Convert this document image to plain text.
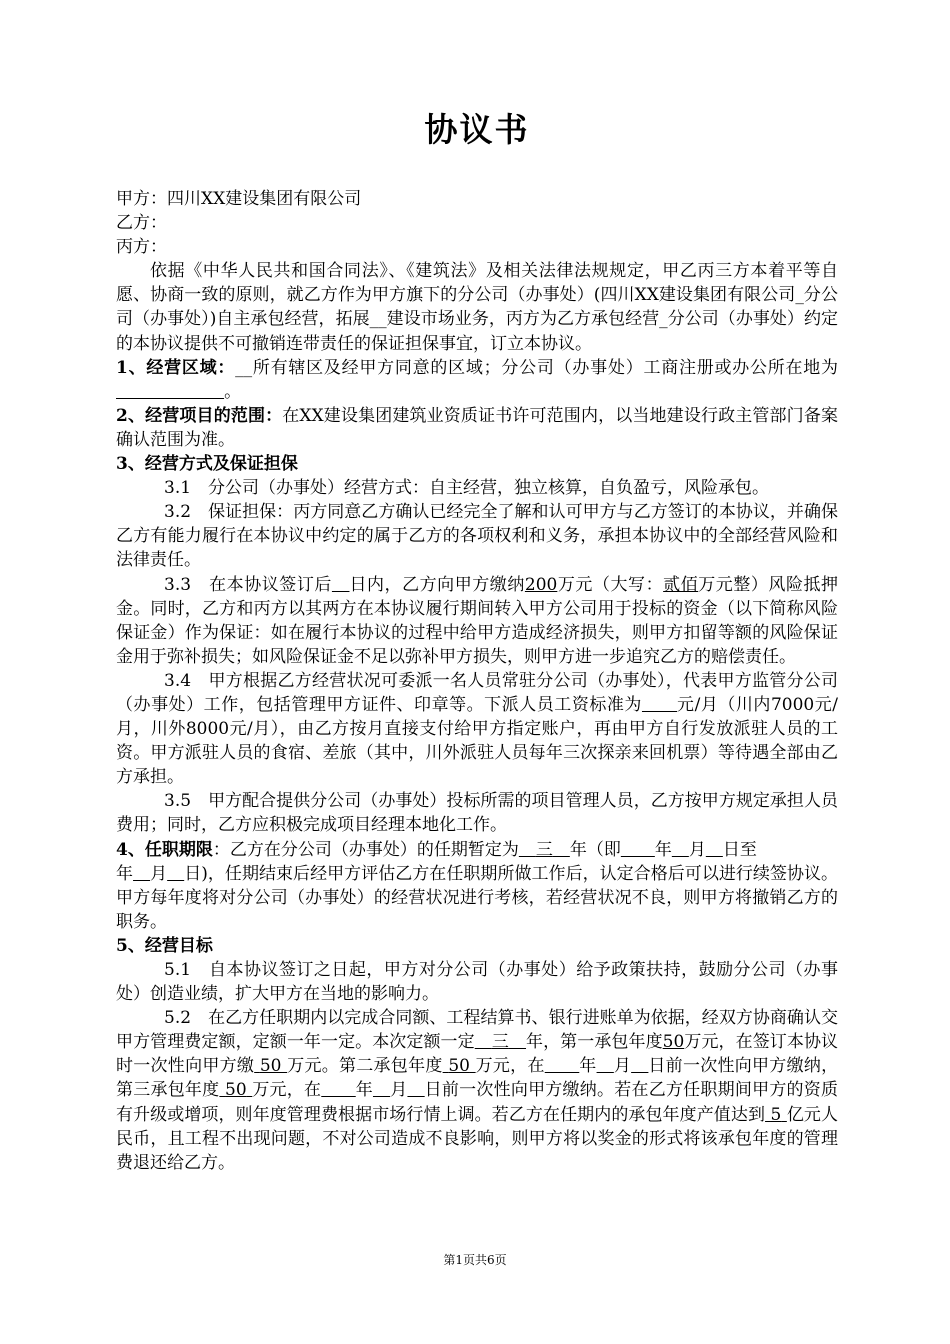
协议书

甲方：四川XX建设集团有限公司

乙方：

丙方：

依据《中华人民共和国合同法》、《建筑法》及相关法律法规规定，甲乙丙三方本着平等自愿、协商一致的原则，就乙方作为甲方旗下的分公司（办事处）(四川XX建设集团有限公司_分公司（办事处）)自主承包经营，拓展__建设市场业务，丙方为乙方承包经营_分公司（办事处）约定的本协议提供不可撤销连带责任的保证担保事宜，订立本协议。

1、经营区域：__所有辖区及经甲方同意的区域；分公司（办事处）工商注册或办公所在地为                    。

2、经营项目的范围：在XX建设集团建筑业资质证书许可范围内，以当地建设行政主管部门备案确认范围为准。

3、经营方式及保证担保

3.1　分公司（办事处）经营方式：自主经营，独立核算，自负盈亏，风险承包。

3.2　保证担保：丙方同意乙方确认已经完全了解和认可甲方与乙方签订的本协议，并确保乙方有能力履行在本协议中约定的属于乙方的各项权利和义务，承担本协议中的全部经营风险和法律责任。

3.3　在本协议签订后　 日内，乙方向甲方缴纳200万元（大写：贰佰万元整）风险抵押金。同时，乙方和丙方以其两方在本协议履行期间转入甲方公司用于投标的资金（以下简称风险保证金）作为保证：如在履行本协议的过程中给甲方造成经济损失，则甲方扣留等额的风险保证金用于弥补损失；如风险保证金不足以弥补甲方损失，则甲方进一步追究乙方的赔偿责任。

3.4　甲方根据乙方经营状况可委派一名人员常驻分公司（办事处），代表甲方监管分公司（办事处）工作，包括管理甲方证件、印章等。下派人员工资标准为　　 元/月（川内7000元/月，川外8000元/月），由乙方按月直接支付给甲方指定账户，再由甲方自行发放派驻人员的工资。甲方派驻人员的食宿、差旅（其中，川外派驻人员每年三次探亲来回机票）等待遇全部由乙方承担。

3.5　甲方配合提供分公司（办事处）投标所需的项目管理人员，乙方按甲方规定承担人员费用；同时，乙方应积极完成项目经理本地化工作。

4、任职期限：乙方在分公司（办事处）的任期暂定为　 三　 年（即　　 年　 月　 日至
年　 月　 日)，任期结束后经甲方评估乙方在任职期所做工作后，认定合格后可以进行续签协议。甲方每年度将对分公司（办事处）的经营状况进行考核，若经营状况不良，则甲方将撤销乙方的职务。

5、经营目标

5.1　自本协议签订之日起，甲方对分公司（办事处）给予政策扶持，鼓励分公司（办事处）创造业绩，扩大甲方在当地的影响力。

5.2　在乙方任职期内以完成合同额、工程结算书、银行进账单为依据，经双方协商确认交甲方管理费定额，定额一年一定。本次定额一定　 三　 年，第一承包年度50万元，在签订本协议时一次性向甲方缴 50 万元。第二承包年度 50 万元，在　　 年　 月　 日前一次性向甲方缴纳，第三承包年度 50 万元，在　　 年　 月　 日前一次性向甲方缴纳。若在乙方任职期间甲方的资质有升级或增项，则年度管理费根据市场行情上调。若乙方在任期内的承包年度产值达到 5 亿元人民币，且工程不出现问题，不对公司造成不良影响，则甲方将以奖金的形式将该承包年度的管理费退还给乙方。

第1页共6页
